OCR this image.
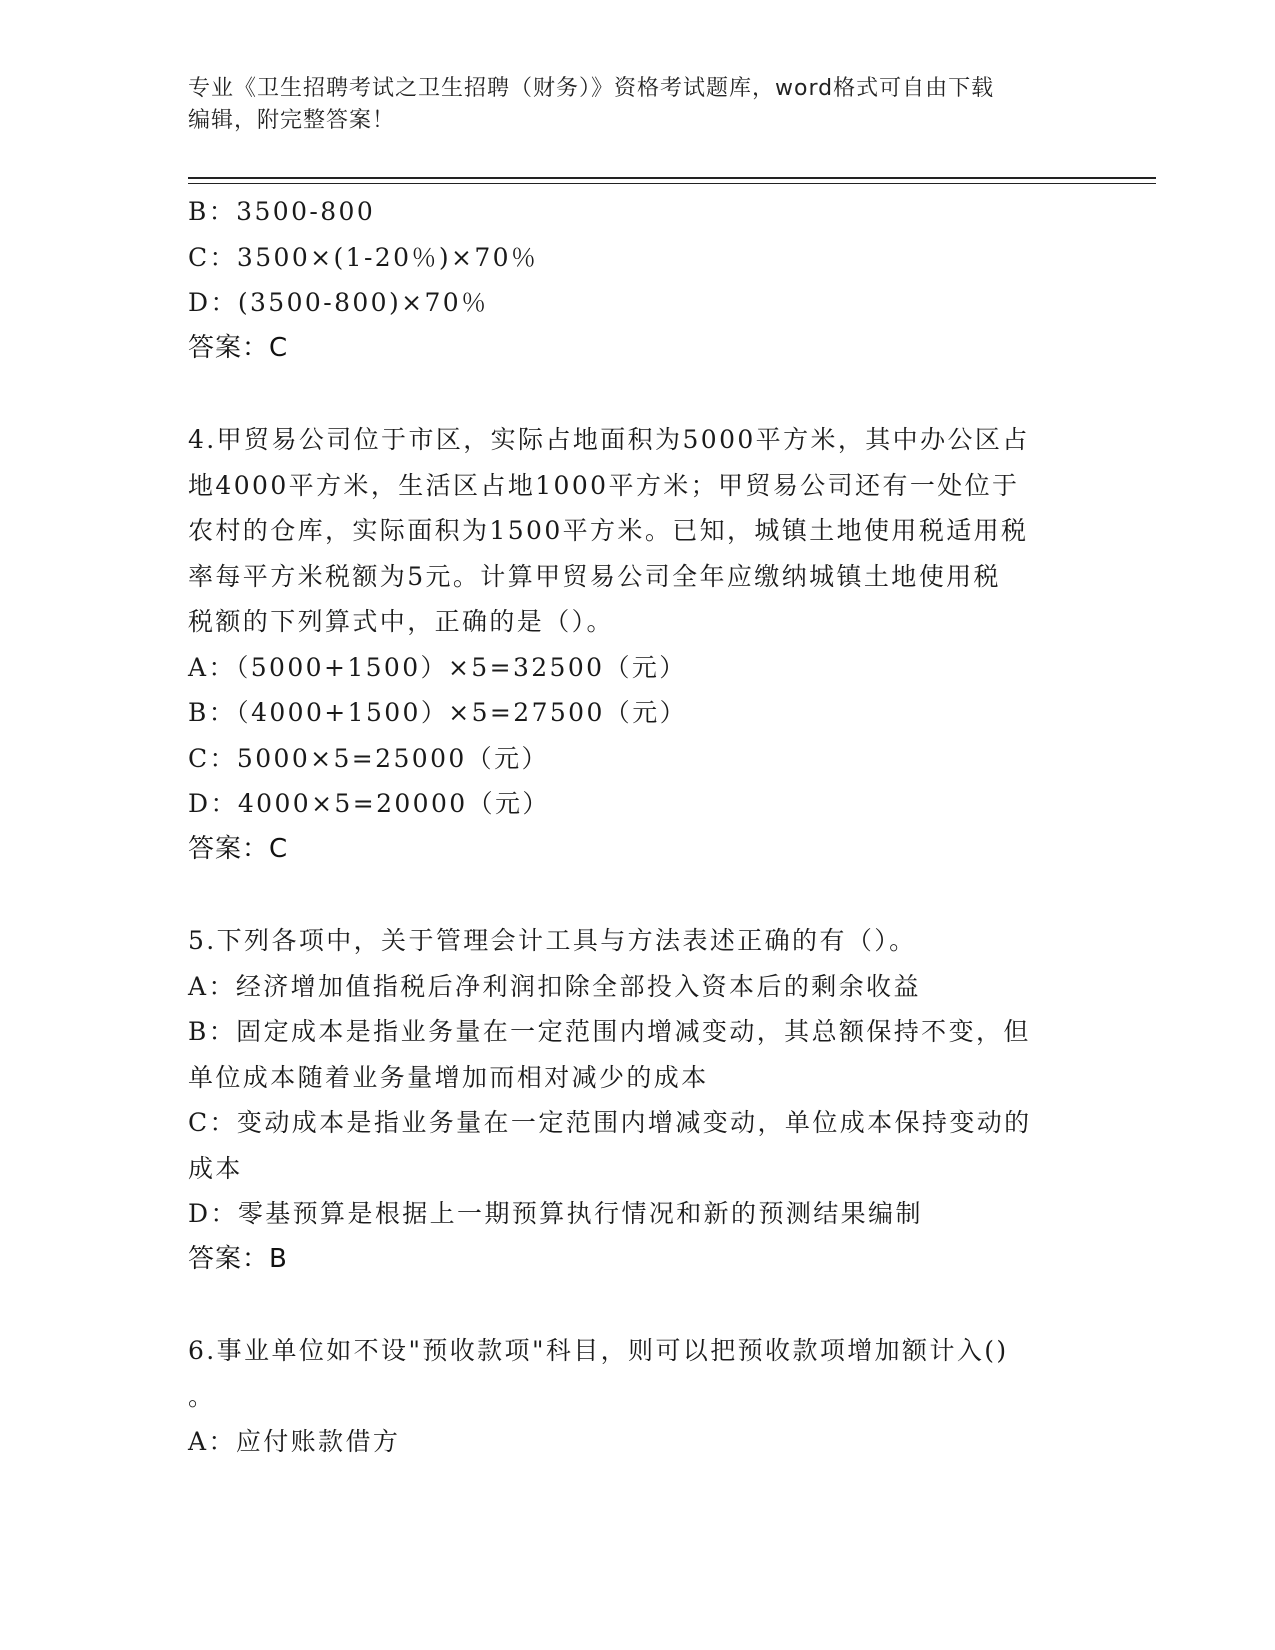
专业《卫生招聘考试之卫生招聘（财务）》资格考试题库，word格式可自由下载
编辑，附完整答案！
B：3500-800
C：3500×(1-20％)×70％
D：(3500-800)×70％
答案：C
4.甲贸易公司位于市区，实际占地面积为5000平方米，其中办公区占
地4000平方米，生活区占地1000平方米；甲贸易公司还有一处位于
农村的仓库，实际面积为1500平方米。已知，城镇土地使用税适用税
率每平方米税额为5元。计算甲贸易公司全年应缴纳城镇土地使用税
税额的下列算式中，正确的是（）。
A：（5000+1500）×5=32500（元）
B：（4000+1500）×5=27500（元）
C：5000×5=25000（元）
D：4000×5=20000（元）
答案：C
5.下列各项中，关于管理会计工具与方法表述正确的有（）。
A：经济增加值指税后净利润扣除全部投入资本后的剩余收益
B：固定成本是指业务量在一定范围内增减变动，其总额保持不变，但
单位成本随着业务量增加而相对减少的成本
C：变动成本是指业务量在一定范围内增减变动，单位成本保持变动的
成本
D：零基预算是根据上一期预算执行情况和新的预测结果编制
答案：B
6.事业单位如不设"预收款项"科目，则可以把预收款项增加额计入()
。
A：应付账款借方
